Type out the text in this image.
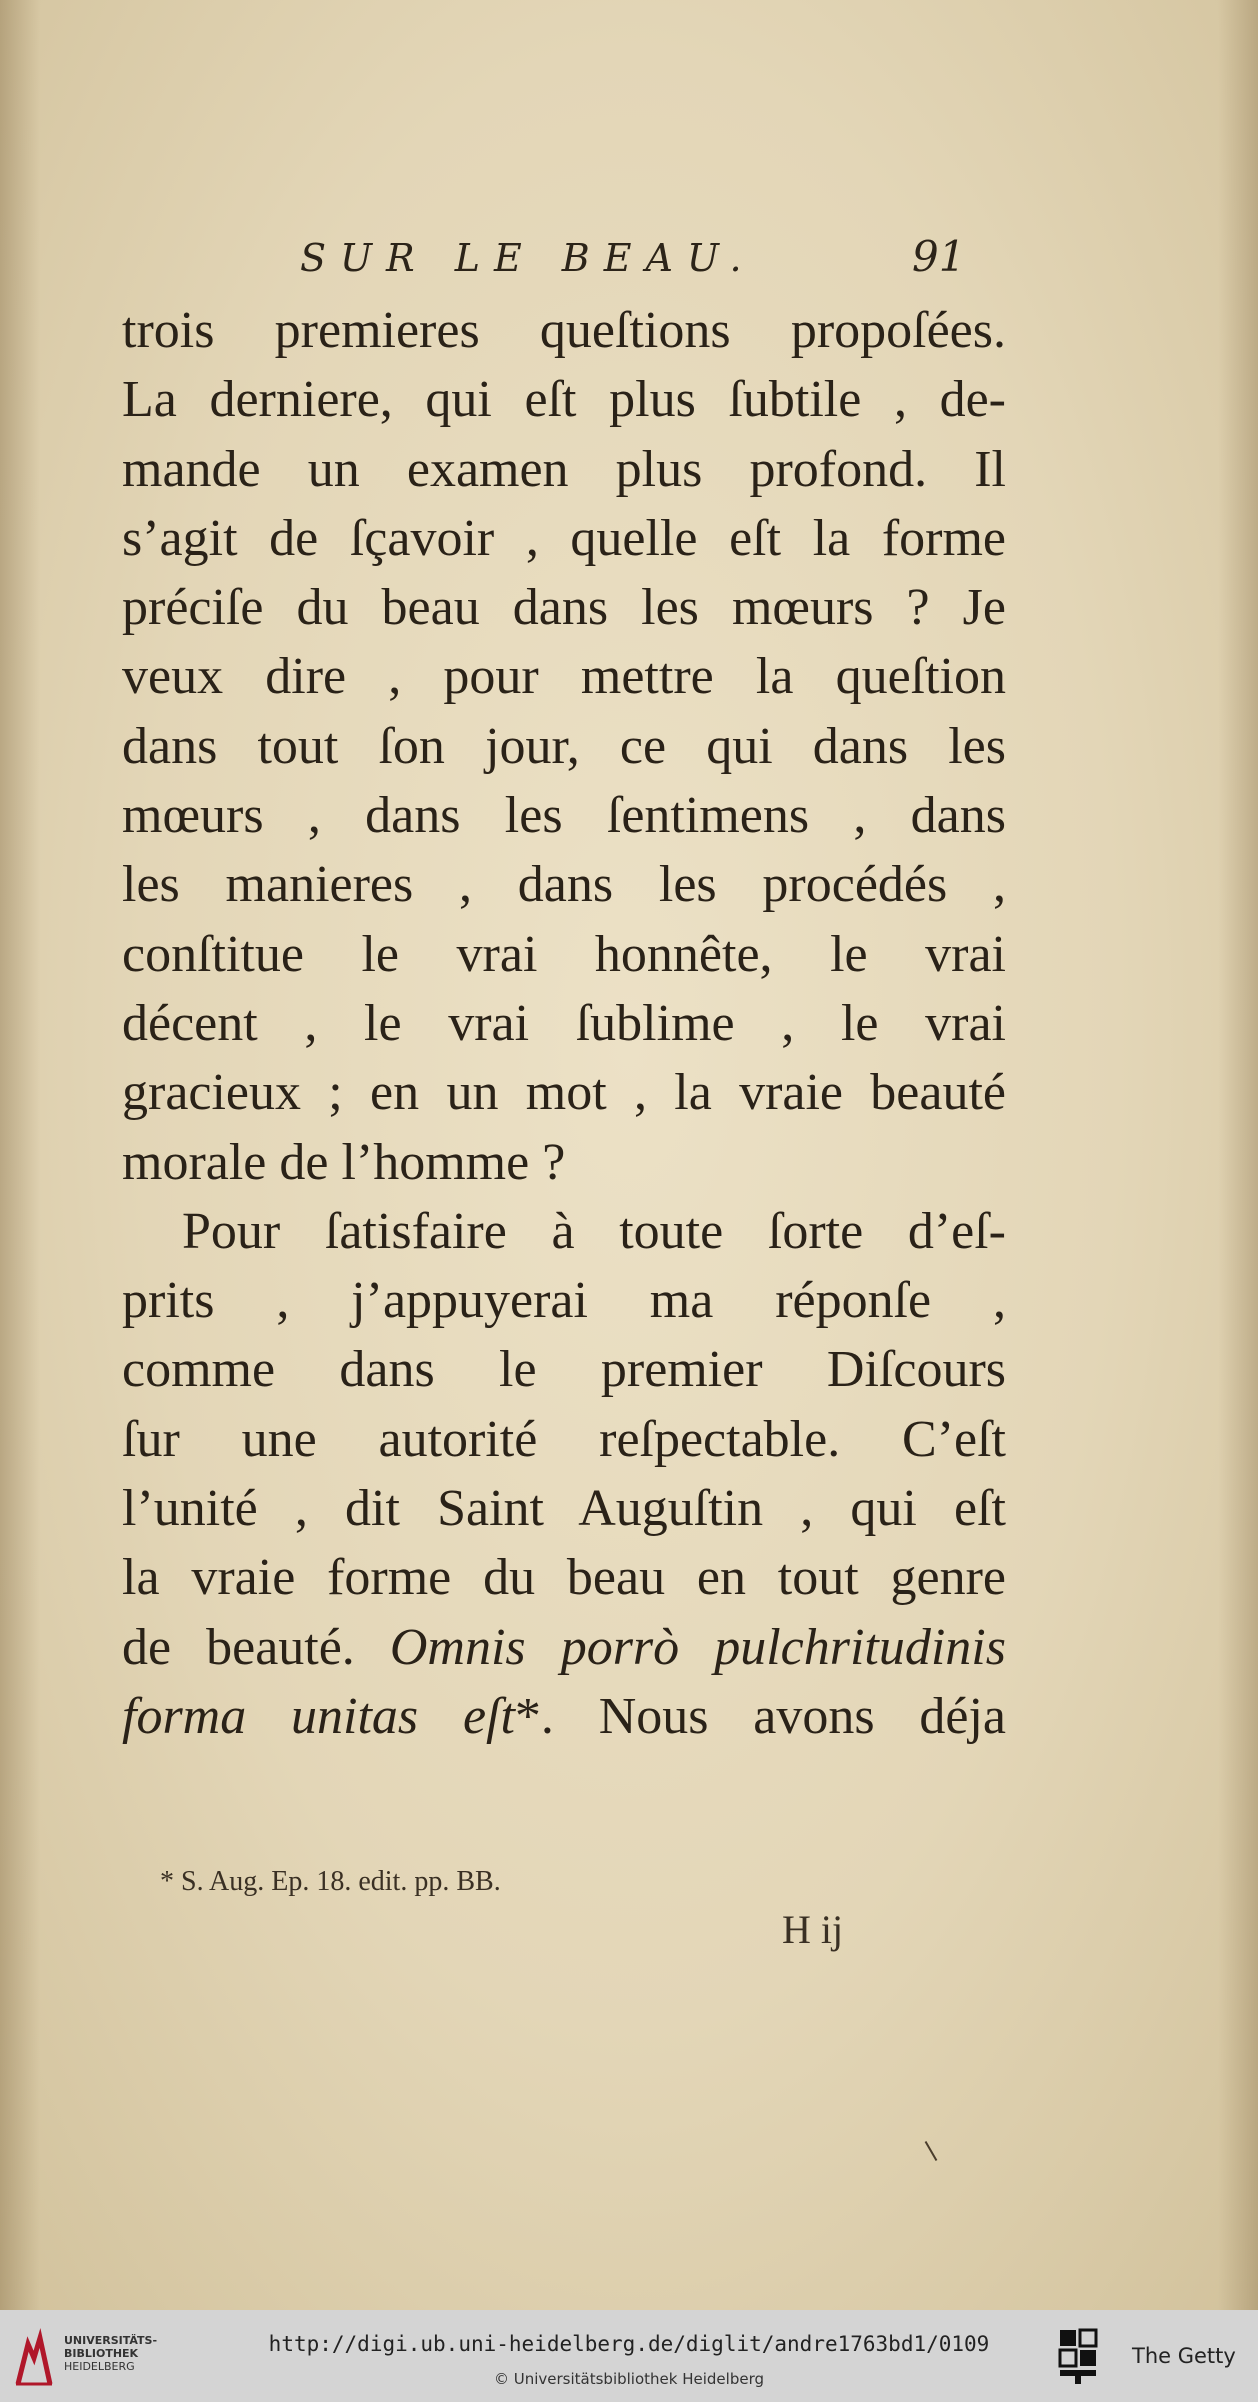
SUR LE BEAU.	91
trois premieres queſtions propoſées.
La derniere, qui eſt plus ſubtile , de-
mande un examen plus profond. Il
s’agit de ſçavoir , quelle eſt la forme
préciſe du beau dans les mœurs ? Je
veux dire , pour mettre la queſtion
dans tout ſon jour, ce qui dans les
mœurs , dans les ſentimens , dans
les manieres , dans les procédés ,
conſtitue le vrai honnête, le vrai
décent , le vrai ſublime , le vrai
gracieux ; en un mot , la vraie beauté
morale de l’homme ?
Pour ſatisfaire à toute ſorte d’eſ-
prits , j’appuyerai ma réponſe ,
comme dans le premier Diſcours
ſur une autorité reſpectable. C’eſt
l’unité , dit Saint Auguſtin , qui eſt
la vraie forme du beau en tout genre
de beauté. Omnis porrò pulchritudinis
forma unitas eſt*. Nous avons déja
* S. Aug. Ep. 18. edit. pp. BB.
H ij
UNIVERSITÄTS-
BIBLIOTHEK
HEIDELBERG
http://digi.ub.uni-heidelberg.de/diglit/andre1763bd1/0109
© Universitätsbibliothek Heidelberg
The Getty
